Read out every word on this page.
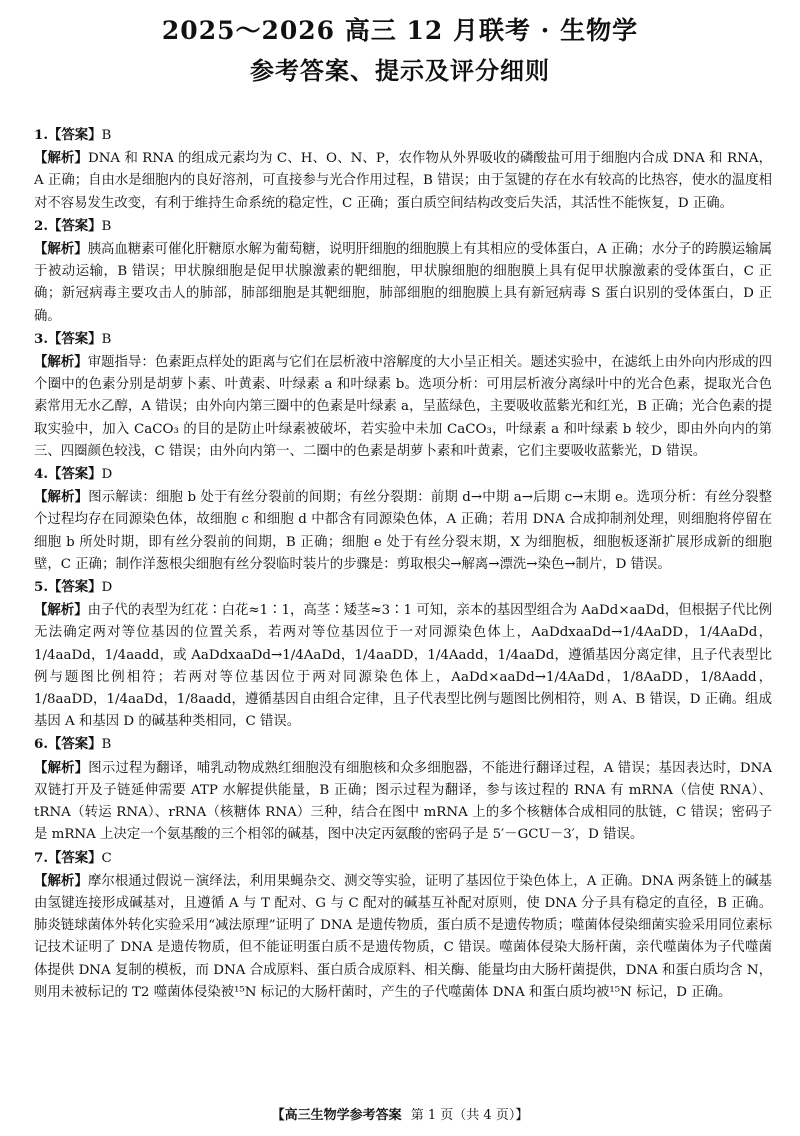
2025～2026 高三 12 月联考 · 生物学
参考答案、提示及评分细则

1.【答案】B

【解析】DNA 和 RNA 的组成元素均为 C、H、O、N、P，农作物从外界吸收的磷酸盐可用于细胞内合成 DNA 和 RNA，A 正确；自由水是细胞内的良好溶剂，可直接参与光合作用过程，B 错误；由于氢键的存在水有较高的比热容，使水的温度相对不容易发生改变，有利于维持生命系统的稳定性，C 正确；蛋白质空间结构改变后失活，其活性不能恢复，D 正确。

2.【答案】B

【解析】胰高血糖素可催化肝糖原水解为葡萄糖，说明肝细胞的细胞膜上有其相应的受体蛋白，A 正确；水分子的跨膜运输属于被动运输，B 错误；甲状腺细胞是促甲状腺激素的靶细胞，甲状腺细胞的细胞膜上具有促甲状腺激素的受体蛋白，C 正确；新冠病毒主要攻击人的肺部，肺部细胞是其靶细胞，肺部细胞的细胞膜上具有新冠病毒 S 蛋白识别的受体蛋白，D 正确。

3.【答案】B

【解析】审题指导：色素距点样处的距离与它们在层析液中溶解度的大小呈正相关。题述实验中，在滤纸上由外向内形成的四个圈中的色素分别是胡萝卜素、叶黄素、叶绿素 a 和叶绿素 b。选项分析：可用层析液分离绿叶中的光合色素，提取光合色素常用无水乙醇，A 错误；由外向内第三圈中的色素是叶绿素 a，呈蓝绿色，主要吸收蓝紫光和红光，B 正确；光合色素的提取实验中，加入 CaCO₃ 的目的是防止叶绿素被破坏，若实验中未加 CaCO₃，叶绿素 a 和叶绿素 b 较少，即由外向内的第三、四圈颜色较浅，C 错误；由外向内第一、二圈中的色素是胡萝卜素和叶黄素，它们主要吸收蓝紫光，D 错误。

4.【答案】D

【解析】图示解读：细胞 b 处于有丝分裂前的间期；有丝分裂期：前期 d→中期 a→后期 c→末期 e。选项分析：有丝分裂整个过程均存在同源染色体，故细胞 c 和细胞 d 中都含有同源染色体，A 正确；若用 DNA 合成抑制剂处理，则细胞将停留在细胞 b 所处时期，即有丝分裂前的间期，B 正确；细胞 e 处于有丝分裂末期，X 为细胞板，细胞板逐渐扩展形成新的细胞壁，C 正确；制作洋葱根尖细胞有丝分裂临时装片的步骤是：剪取根尖→解离→漂洗→染色→制片，D 错误。

5.【答案】D

【解析】由子代的表型为红花∶白花≈1∶1，高茎∶矮茎≈3∶1 可知，亲本的基因型组合为 AaDd×aaDd，但根据子代比例无法确定两对等位基因的位置关系，若两对等位基因位于一对同源染色体上，AaDdxaaDd→1/4AaDD，1/4AaDd，1/4aaDd，1/4aadd，或 AaDdxaaDd→1/4AaDd，1/4aaDD，1/4Aadd，1/4aaDd，遵循基因分离定律，且子代表型比例与题图比例相符；若两对等位基因位于两对同源染色体上，AaDd×aaDd→1/4AaDd，1/8AaDD，1/8Aadd，1/8aaDD，1/4aaDd，1/8aadd，遵循基因自由组合定律，且子代表型比例与题图比例相符，则 A、B 错误，D 正确。组成基因 A 和基因 D 的碱基种类相同，C 错误。

6.【答案】B

【解析】图示过程为翻译，哺乳动物成熟红细胞没有细胞核和众多细胞器，不能进行翻译过程，A 错误；基因表达时，DNA 双链打开及子链延伸需要 ATP 水解提供能量，B 正确；图示过程为翻译，参与该过程的 RNA 有 mRNA（信使 RNA）、tRNA（转运 RNA）、rRNA（核糖体 RNA）三种，结合在图中 mRNA 上的多个核糖体合成相同的肽链，C 错误；密码子是 mRNA 上决定一个氨基酸的三个相邻的碱基，图中决定丙氨酸的密码子是 5′－GCU－3′，D 错误。

7.【答案】C

【解析】摩尔根通过假说－演绎法，利用果蝇杂交、测交等实验，证明了基因位于染色体上，A 正确。DNA 两条链上的碱基由氢键连接形成碱基对，且遵循 A 与 T 配对、G 与 C 配对的碱基互补配对原则，使 DNA 分子具有稳定的直径，B 正确。肺炎链球菌体外转化实验采用“减法原理”证明了 DNA 是遗传物质，蛋白质不是遗传物质；噬菌体侵染细菌实验采用同位素标记技术证明了 DNA 是遗传物质，但不能证明蛋白质不是遗传物质，C 错误。噬菌体侵染大肠杆菌，亲代噬菌体为子代噬菌体提供 DNA 复制的模板，而 DNA 合成原料、蛋白质合成原料、相关酶、能量均由大肠杆菌提供，DNA 和蛋白质均含 N，则用未被标记的 T2 噬菌体侵染被¹⁵N 标记的大肠杆菌时，产生的子代噬菌体 DNA 和蛋白质均被¹⁵N 标记，D 正确。

【高三生物学参考答案 第 1 页（共 4 页）】
